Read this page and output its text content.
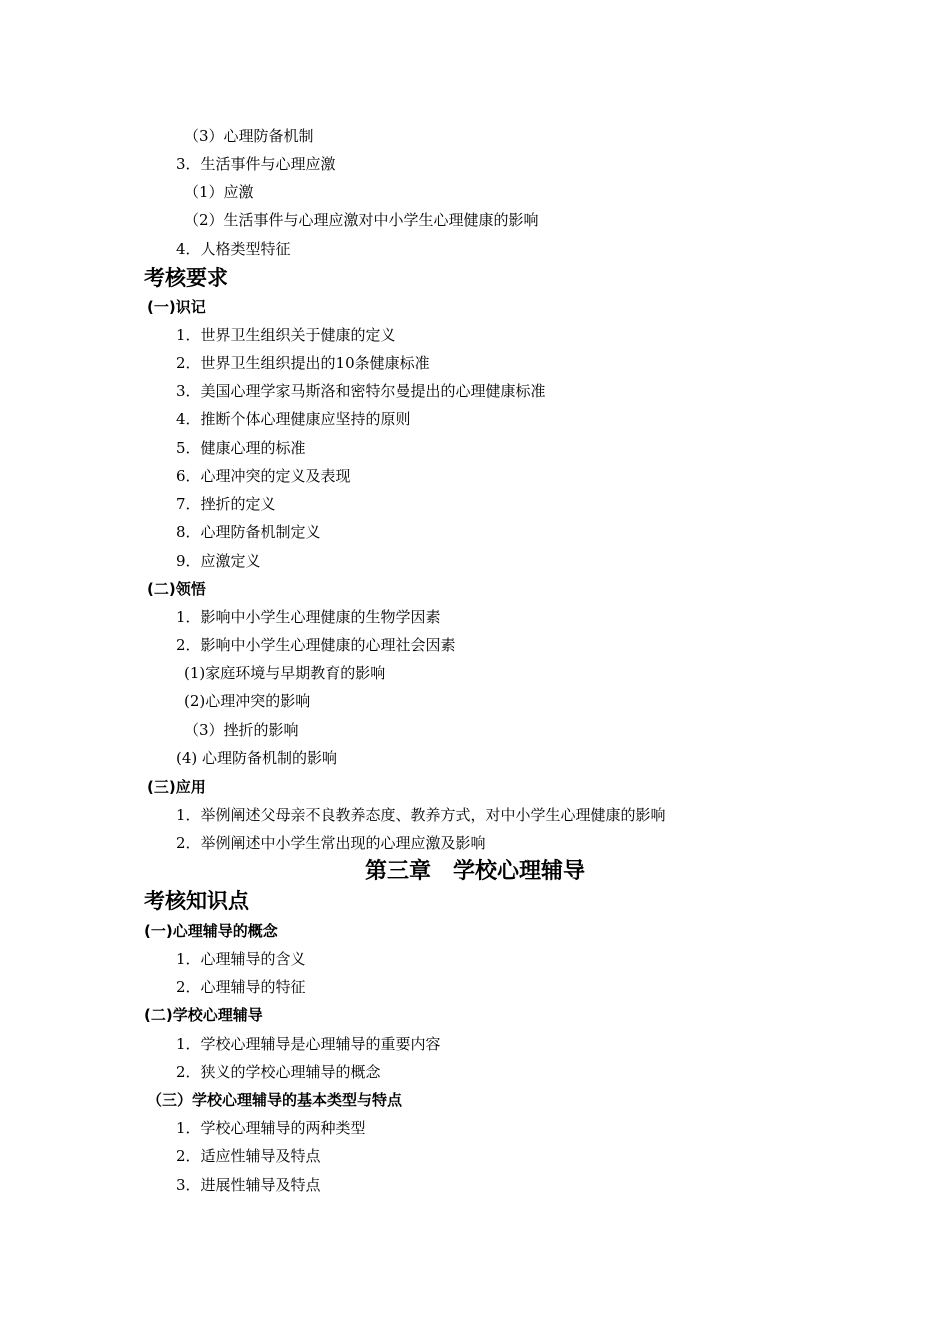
（3）心理防备机制
3．生活事件与心理应激
（1）应激
（2）生活事件与心理应激对中小学生心理健康的影响
4．人格类型特征
考核要求
(一)识记
1．世界卫生组织关于健康的定义
2．世界卫生组织提出的10条健康标准
3．美国心理学家马斯洛和密特尔曼提出的心理健康标准
4．推断个体心理健康应坚持的原则
5．健康心理的标准
6．心理冲突的定义及表现
7．挫折的定义
8．心理防备机制定义
9．应激定义
(二)领悟
1．影响中小学生心理健康的生物学因素
2．影响中小学生心理健康的心理社会因素
(1)家庭环境与早期教育的影响
(2)心理冲突的影响
（3）挫折的影响
(4) 心理防备机制的影响
(三)应用
1．举例阐述父母亲不良教养态度、教养方式，对中小学生心理健康的影响
2．举例阐述中小学生常出现的心理应激及影响
第三章　学校心理辅导
考核知识点
(一)心理辅导的概念
1．心理辅导的含义
2．心理辅导的特征
(二)学校心理辅导
1．学校心理辅导是心理辅导的重要内容
2．狭义的学校心理辅导的概念
（三）学校心理辅导的基本类型与特点
1．学校心理辅导的两种类型
2．适应性辅导及特点
3．进展性辅导及特点
